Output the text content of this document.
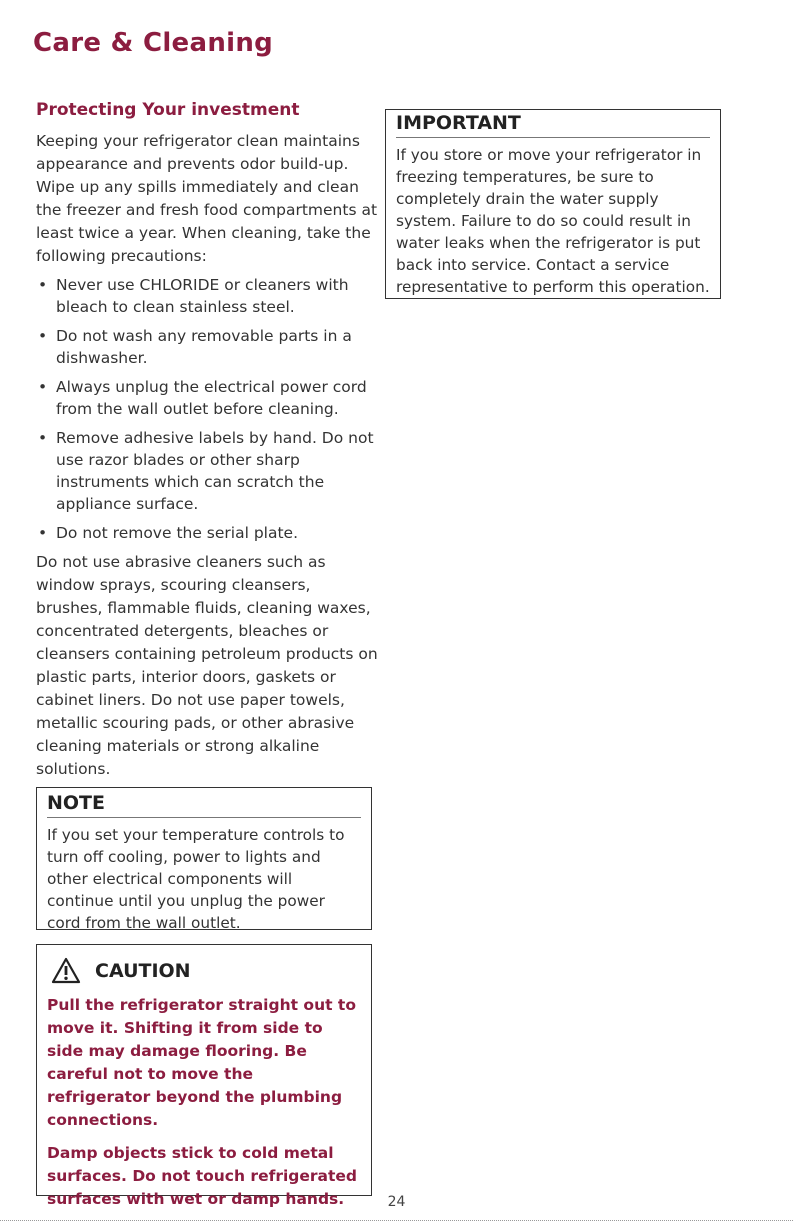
Care & Cleaning
Protecting Your investment

Keeping your refrigerator clean maintains appearance and prevents odor build-up. Wipe up any spills immediately and clean the freezer and fresh food compartments at least twice a year. When cleaning, take the following precautions:

• Never use CHLORIDE or cleaners with bleach to clean stainless steel.
• Do not wash any removable parts in a dishwasher.
• Always unplug the electrical power cord from the wall outlet before cleaning.
• Remove adhesive labels by hand. Do not use razor blades or other sharp instruments which can scratch the appliance surface.
• Do not remove the serial plate.

Do not use abrasive cleaners such as window sprays, scouring cleansers, brushes, flammable fluids, cleaning waxes, concentrated detergents, bleaches or cleansers containing petroleum products on plastic parts, interior doors, gaskets or cabinet liners. Do not use paper towels, metallic scouring pads, or other abrasive cleaning materials or strong alkaline solutions.

NOTE

If you set your temperature controls to turn off cooling, power to lights and other electrical components will continue until you unplug the power cord from the wall outlet.

CAUTION

Pull the refrigerator straight out to move it. Shifting it from side to side may damage flooring. Be careful not to move the refrigerator beyond the plumbing connections.

Damp objects stick to cold metal surfaces. Do not touch refrigerated surfaces with wet or damp hands.

IMPORTANT

If you store or move your refrigerator in freezing temperatures, be sure to completely drain the water supply system. Failure to do so could result in water leaks when the refrigerator is put back into service. Contact a service representative to perform this operation.

24
